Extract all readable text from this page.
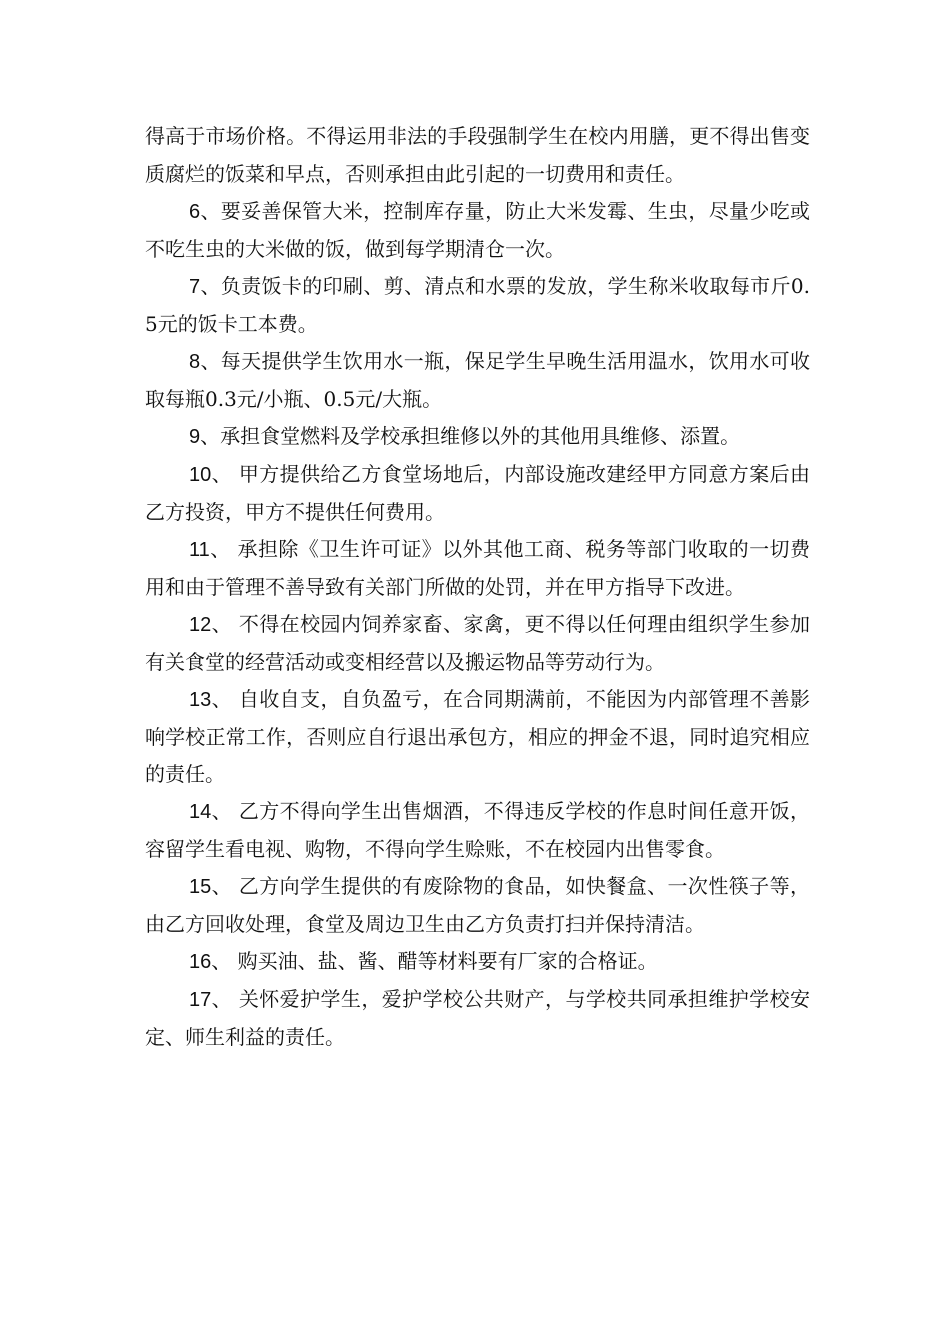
得高于市场价格。不得运用非法的手段强制学生在校内用膳，更不得出售变质腐烂的饭菜和早点，否则承担由此引起的一切费用和责任。

6、要妥善保管大米，控制库存量，防止大米发霉、生虫，尽量少吃或不吃生虫的大米做的饭，做到每学期清仓一次。

7、负责饭卡的印刷、剪、清点和水票的发放，学生称米收取每市斤0.5元的饭卡工本费。

8、每天提供学生饮用水一瓶，保足学生早晚生活用温水，饮用水可收取每瓶0.3元/小瓶、0.5元/大瓶。

9、承担食堂燃料及学校承担维修以外的其他用具维修、添置。

10、 甲方提供给乙方食堂场地后，内部设施改建经甲方同意方案后由乙方投资，甲方不提供任何费用。

11、 承担除《卫生许可证》以外其他工商、税务等部门收取的一切费用和由于管理不善导致有关部门所做的处罚，并在甲方指导下改进。

12、 不得在校园内饲养家畜、家禽，更不得以任何理由组织学生参加有关食堂的经营活动或变相经营以及搬运物品等劳动行为。

13、 自收自支，自负盈亏，在合同期满前，不能因为内部管理不善影响学校正常工作，否则应自行退出承包方，相应的押金不退，同时追究相应的责任。

14、 乙方不得向学生出售烟酒，不得违反学校的作息时间任意开饭，容留学生看电视、购物，不得向学生赊账，不在校园内出售零食。

15、 乙方向学生提供的有废除物的食品，如快餐盒、一次性筷子等，由乙方回收处理，食堂及周边卫生由乙方负责打扫并保持清洁。

16、 购买油、盐、酱、醋等材料要有厂家的合格证。

17、 关怀爱护学生，爱护学校公共财产，与学校共同承担维护学校安定、师生利益的责任。
